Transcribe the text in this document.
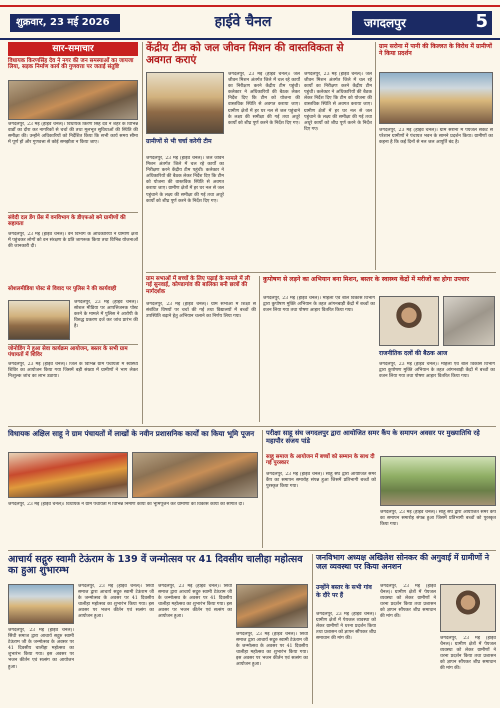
शुक्रवार, 23 मई 2026	हाईवे चैनल	जगदलपुर	5
सार-समाचार
विधायक किरणसिंह देव ने नगर की जन समस्याओं का जायजा लिया, सड़क निर्माण कार्य की गुणवत्ता पर जताई संतुष्टि
जगदलपुर, 23 मई (हाईवे चैनल)। विधायक किरण सिंह देव ने शहर के विभिन्न वार्डों का दौरा कर नागरिकों से चर्चा की तथा मूलभूत सुविधाओं की स्थिति की समीक्षा की। उन्होंने अधिकारियों को निर्देशित किया कि सभी कार्य समय सीमा में पूर्ण हों और गुणवत्ता से कोई समझौता न किया जाए।
संवेदी दल डेंग प्रेंस में वनविभाग के डीएफओ बने ग्रामीणों की सहायता
जगदलपुर, 23 मई (हाईवे चैनल)। वन विभाग के अधिकारियों ने ग्रामीण क्षेत्रों में पहुंचकर लोगों को वन संरक्षण के प्रति जागरूक किया तथा विभिन्न योजनाओं की जानकारी दी।
सोशलमीडिया पोस्ट से विवाद पर पुलिस ने की कार्यवाही
जगदलपुर, 23 मई (हाईवे चैनल)। सोशल मीडिया पर आपत्तिजनक पोस्ट करने के मामले में पुलिस ने आरोपी के विरुद्ध प्रकरण दर्ज कर जांच प्रारंभ की है।
जोनोडिंग ने हुआ सेवा कार्यक्रम आयोजन, बस्तर के सभी ग्राम पंचायतों में शिविर
जगदलपुर, 23 मई (हाईवे चैनल)। जिले के विभिन्न ग्राम पंचायतों में स्वास्थ्य शिविर का आयोजन किया गया जिसमें बड़ी संख्या में ग्रामीणों ने भाग लेकर निःशुल्क जांच का लाभ उठाया।
केंद्रीय टीम को जल जीवन मिशन की वास्तविकता से अवगत कराएं
जगदलपुर, 23 मई (हाईवे चैनल)। जल जीवन मिशन अंतर्गत जिले में चल रहे कार्यों का निरीक्षण करने केंद्रीय टीम पहुंची। कलेक्टर ने अधिकारियों की बैठक लेकर निर्देश दिए कि टीम को योजना की वास्तविक स्थिति से अवगत कराया जाए। ग्रामीण क्षेत्रों में हर घर नल से जल पहुंचाने के लक्ष्य की समीक्षा की गई तथा अधूरे कार्यों को शीघ्र पूर्ण करने के निर्देश दिए गए।
जगदलपुर, 23 मई (हाईवे चैनल)। जल जीवन मिशन अंतर्गत जिले में चल रहे कार्यों का निरीक्षण करने केंद्रीय टीम पहुंची। कलेक्टर ने अधिकारियों की बैठक लेकर निर्देश दिए कि टीम को योजना की वास्तविक स्थिति से अवगत कराया जाए। ग्रामीण क्षेत्रों में हर घर नल से जल पहुंचाने के लक्ष्य की समीक्षा की गई तथा अधूरे कार्यों को शीघ्र पूर्ण करने के निर्देश दिए गए।
ग्रामीणों से भी चर्चा करेगी टीम
जगदलपुर, 23 मई (हाईवे चैनल)। जल जीवन मिशन अंतर्गत जिले में चल रहे कार्यों का निरीक्षण करने केंद्रीय टीम पहुंची। कलेक्टर ने अधिकारियों की बैठक लेकर निर्देश दिए कि टीम को योजना की वास्तविक स्थिति से अवगत कराया जाए। ग्रामीण क्षेत्रों में हर घर नल से जल पहुंचाने के लक्ष्य की समीक्षा की गई तथा अधूरे कार्यों को शीघ्र पूर्ण करने के निर्देश दिए गए।
ग्राम सरोना में पानी की किल्लत के विरोध में ग्रामीणों ने किया प्रदर्शन
जगदलपुर, 23 मई (हाईवे चैनल)। ग्राम सरोना में पेयजल संकट से परेशान ग्रामीणों ने पंचायत भवन के सामने प्रदर्शन किया। ग्रामीणों का कहना है कि कई दिनों से नल जल आपूर्ति बंद है।
ग्राम सभाओं में बच्चों के लिए पढ़ाई के मामले में ली गई सुनवाई, कोण्डागांव की बालिका बनी छात्रों की मार्गदर्शक
जगदलपुर, 23 मई (हाईवे चैनल)। ग्राम सभाओं में शिक्षा से संबंधित विषयों पर चर्चा की गई तथा विद्यालयों में बच्चों की उपस्थिति बढ़ाने हेतु अभियान चलाने का निर्णय लिया गया।
कुपोषण से लड़ने का अभियान बना मिशन, बस्तर के स्वास्थ्य केंद्रों में मरीजों का होगा उपचार
जगदलपुर, 23 मई (हाईवे चैनल)। महिला एवं बाल विकास विभाग द्वारा कुपोषण मुक्ति अभियान के तहत आंगनबाड़ी केंद्रों में बच्चों का वजन लिया गया तथा पोषण आहार वितरित किया गया।
राजनीतिक दलों की बैठक आज
जगदलपुर, 23 मई (हाईवे चैनल)। महिला एवं बाल विकास विभाग द्वारा कुपोषण मुक्ति अभियान के तहत आंगनबाड़ी केंद्रों में बच्चों का वजन लिया गया तथा पोषण आहार वितरित किया गया।
विधायक अक्षिल साहू ने ग्राम पंचायतों में लाखों के नवीन प्रशासनिक कार्यों का किया भूमि पूजन
जगदलपुर, 23 मई (हाईवे चैनल)। विधायक ने ग्राम पंचायतों में विभिन्न निर्माण कार्यों का भूमिपूजन कर ग्रामीणों को विकास कार्यों की सौगात दी।
परीक्षा साहू संघ जगदलपुर द्वारा आयोजित समर कैंप के समापन अवसर पर मुख्यातिथि रहे महापौर संजय पांडे
साहू समाज के आयोजन में बच्चों को सम्मान के साथ दी गई पुरस्कार
जगदलपुर, 23 मई (हाईवे चैनल)। साहू संघ द्वारा आयोजित समर कैंप का समापन समारोह संपन्न हुआ जिसमें प्रतिभागी बच्चों को पुरस्कृत किया गया।
जगदलपुर, 23 मई (हाईवे चैनल)। साहू संघ द्वारा आयोजित समर कैंप का समापन समारोह संपन्न हुआ जिसमें प्रतिभागी बच्चों को पुरस्कृत किया गया।
आचार्य सद्गुरु स्वामी टेऊंराम के 139 वें जन्मोत्सव पर 41 दिवसीय चालीहा महोत्सव का हुआ शुभारम्भ
जगदलपुर, 23 मई (हाईवे चैनल)। सिंधी समाज द्वारा आचार्य सद्गुरु स्वामी टेऊंराम जी के जन्मोत्सव के अवसर पर 41 दिवसीय चालीहा महोत्सव का शुभारंभ किया गया। इस अवसर पर भजन कीर्तन एवं सत्संग का आयोजन हुआ।
जगदलपुर, 23 मई (हाईवे चैनल)। सिंधी समाज द्वारा आचार्य सद्गुरु स्वामी टेऊंराम जी के जन्मोत्सव के अवसर पर 41 दिवसीय चालीहा महोत्सव का शुभारंभ किया गया। इस अवसर पर भजन कीर्तन एवं सत्संग का आयोजन हुआ।
जगदलपुर, 23 मई (हाईवे चैनल)। सिंधी समाज द्वारा आचार्य सद्गुरु स्वामी टेऊंराम जी के जन्मोत्सव के अवसर पर 41 दिवसीय चालीहा महोत्सव का शुभारंभ किया गया। इस अवसर पर भजन कीर्तन एवं सत्संग का आयोजन हुआ।
जगदलपुर, 23 मई (हाईवे चैनल)। सिंधी समाज द्वारा आचार्य सद्गुरु स्वामी टेऊंराम जी के जन्मोत्सव के अवसर पर 41 दिवसीय चालीहा महोत्सव का शुभारंभ किया गया। इस अवसर पर भजन कीर्तन एवं सत्संग का आयोजन हुआ।
जनविभाग अध्यक्ष अखिलेश सोनकर की अगुवाई में ग्रामीणों ने जल व्यवस्था पर किया अनशन
उन्होंने बस्तर के सभी गांव के दौरे पर हैं
जगदलपुर, 23 मई (हाईवे चैनल)। ग्रामीण क्षेत्रों में पेयजल व्यवस्था को लेकर ग्रामीणों ने धरना प्रदर्शन किया तथा प्रशासन को ज्ञापन सौंपकर शीघ्र समाधान की मांग की।
जगदलपुर, 23 मई (हाईवे चैनल)। ग्रामीण क्षेत्रों में पेयजल व्यवस्था को लेकर ग्रामीणों ने धरना प्रदर्शन किया तथा प्रशासन को ज्ञापन सौंपकर शीघ्र समाधान की मांग की।
जगदलपुर, 23 मई (हाईवे चैनल)। ग्रामीण क्षेत्रों में पेयजल व्यवस्था को लेकर ग्रामीणों ने धरना प्रदर्शन किया तथा प्रशासन को ज्ञापन सौंपकर शीघ्र समाधान की मांग की।
